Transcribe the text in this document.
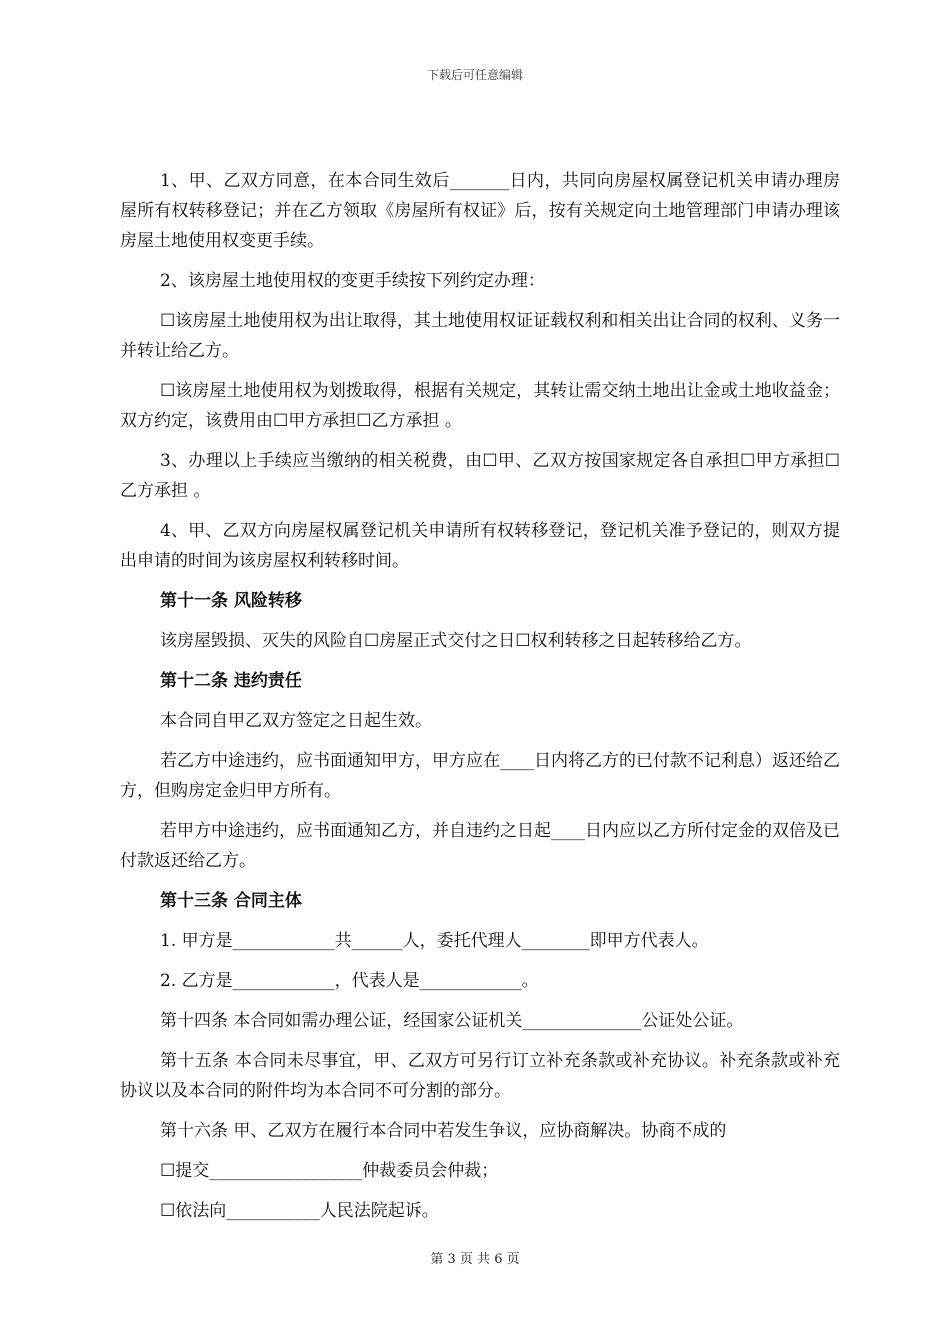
下载后可任意编辑
1、甲、乙双方同意，在本合同生效后_______日内，共同向房屋权属登记机关申请办理房屋所有权转移登记；并在乙方领取《房屋所有权证》后，按有关规定向土地管理部门申请办理该房屋土地使用权变更手续。
2、该房屋土地使用权的变更手续按下列约定办理：
☐该房屋土地使用权为出让取得，其土地使用权证证载权利和相关出让合同的权利、义务一并转让给乙方。
☐该房屋土地使用权为划拨取得，根据有关规定，其转让需交纳土地出让金或土地收益金；双方约定，该费用由☐甲方承担☐乙方承担 。
3、办理以上手续应当缴纳的相关税费，由☐甲、乙双方按国家规定各自承担☐甲方承担☐乙方承担 。
4、甲、乙双方向房屋权属登记机关申请所有权转移登记，登记机关准予登记的，则双方提出申请的时间为该房屋权利转移时间。
第十一条 风险转移
该房屋毁损、灭失的风险自☐房屋正式交付之日☐权利转移之日起转移给乙方。
第十二条 违约责任
本合同自甲乙双方签定之日起生效。
若乙方中途违约，应书面通知甲方，甲方应在____日内将乙方的已付款不记利息）返还给乙方，但购房定金归甲方所有。
若甲方中途违约，应书面通知乙方，并自违约之日起____日内应以乙方所付定金的双倍及已付款返还给乙方。
第十三条 合同主体
1. 甲方是____________共______人，委托代理人________即甲方代表人。
2. 乙方是____________，代表人是____________。
第十四条 本合同如需办理公证，经国家公证机关______________公证处公证。
第十五条 本合同未尽事宜，甲、乙双方可另行订立补充条款或补充协议。补充条款或补充协议以及本合同的附件均为本合同不可分割的部分。
第十六条 甲、乙双方在履行本合同中若发生争议，应协商解决。协商不成的
☐提交__________________仲裁委员会仲裁；
☐依法向___________人民法院起诉。
第 3 页 共 6 页
